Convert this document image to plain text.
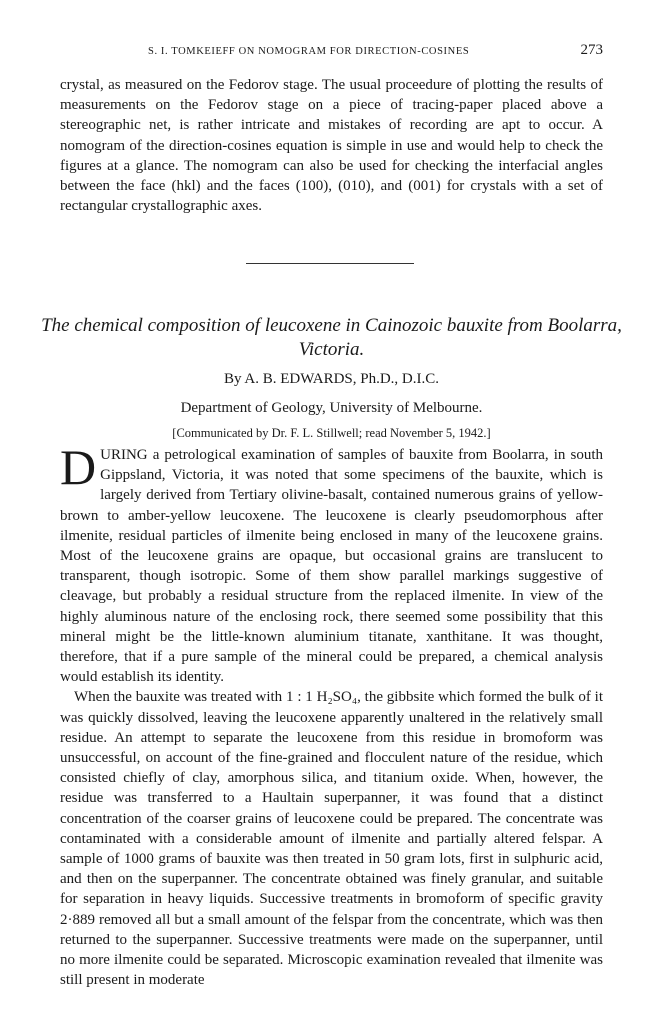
S. I. TOMKEIEFF ON NOMOGRAM FOR DIRECTION-COSINES	273

crystal, as measured on the Fedorov stage. The usual proceedure of plotting the results of measurements on the Fedorov stage on a piece of tracing-paper placed above a stereographic net, is rather intricate and mistakes of recording are apt to occur. A nomogram of the direction-cosines equation is simple in use and would help to check the figures at a glance. The nomogram can also be used for checking the interfacial angles between the face (hkl) and the faces (100), (010), and (001) for crystals with a set of rectangular crystallographic axes.

The chemical composition of leucoxene in Cainozoic bauxite from Boolarra, Victoria.
By A. B. EDWARDS, Ph.D., D.I.C.
Department of Geology, University of Melbourne.
[Communicated by Dr. F. L. Stillwell; read November 5, 1942.]

DURING a petrological examination of samples of bauxite from Boolarra, in south Gippsland, Victoria, it was noted that some specimens of the bauxite, which is largely derived from Tertiary olivine-basalt, contained numerous grains of yellow-brown to amber-yellow leucoxene. The leucoxene is clearly pseudomorphous after ilmenite, residual particles of ilmenite being enclosed in many of the leucoxene grains. Most of the leucoxene grains are opaque, but occasional grains are translucent to transparent, though isotropic. Some of them show parallel markings suggestive of cleavage, but probably a residual structure from the replaced ilmenite. In view of the highly aluminous nature of the enclosing rock, there seemed some possibility that this mineral might be the little-known aluminium titanate, xanthitane. It was thought, therefore, that if a pure sample of the mineral could be prepared, a chemical analysis would establish its identity.

When the bauxite was treated with 1 : 1 H₂SO₄, the gibbsite which formed the bulk of it was quickly dissolved, leaving the leucoxene apparently unaltered in the relatively small residue. An attempt to separate the leucoxene from this residue in bromoform was unsuccessful, on account of the fine-grained and flocculent nature of the residue, which consisted chiefly of clay, amorphous silica, and titanium oxide. When, however, the residue was transferred to a Haultain superpanner, it was found that a distinct concentration of the coarser grains of leucoxene could be prepared. The concentrate was contaminated with a considerable amount of ilmenite and partially altered felspar. A sample of 1000 grams of bauxite was then treated in 50 gram lots, first in sulphuric acid, and then on the superpanner. The concentrate obtained was finely granular, and suitable for separation in heavy liquids. Successive treatments in bromoform of specific gravity 2·889 removed all but a small amount of the felspar from the concentrate, which was then returned to the superpanner. Successive treatments were made on the superpanner, until no more ilmenite could be separated. Microscopic examination revealed that ilmenite was still present in moderate
